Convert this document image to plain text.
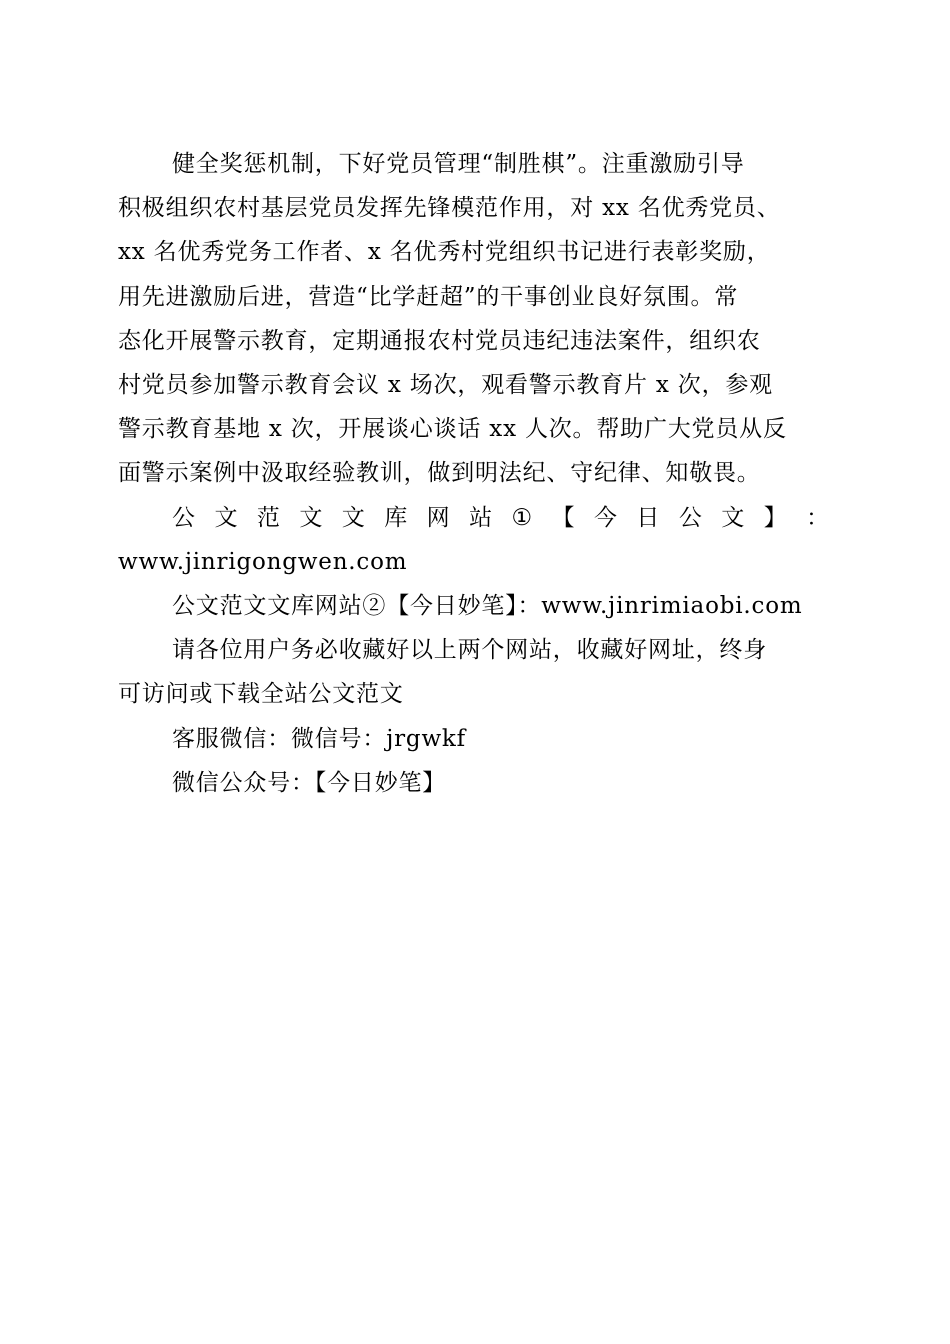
健全奖惩机制，下好党员管理“制胜棋”。注重激励引导
积极组织农村基层党员发挥先锋模范作用，对 xx 名优秀党员、
xx 名优秀党务工作者、x 名优秀村党组织书记进行表彰奖励，
用先进激励后进，营造“比学赶超”的干事创业良好氛围。常
态化开展警示教育，定期通报农村党员违纪违法案件，组织农
村党员参加警示教育会议 x 场次，观看警示教育片 x 次，参观
警示教育基地 x 次，开展谈心谈话 xx 人次。帮助广大党员从反
面警示案例中汲取经验教训，做到明法纪、守纪律、知敬畏。
公 文 范 文 文 库 网 站 ① 【 今 日 公 文 】 ：
www.jinrigongwen.com
公文范文文库网站②【今日妙笔】：www.jinrimiaobi.com
请各位用户务必收藏好以上两个网站，收藏好网址，终身
可访问或下载全站公文范文
客服微信：微信号：jrgwkf
微信公众号：【今日妙笔】
